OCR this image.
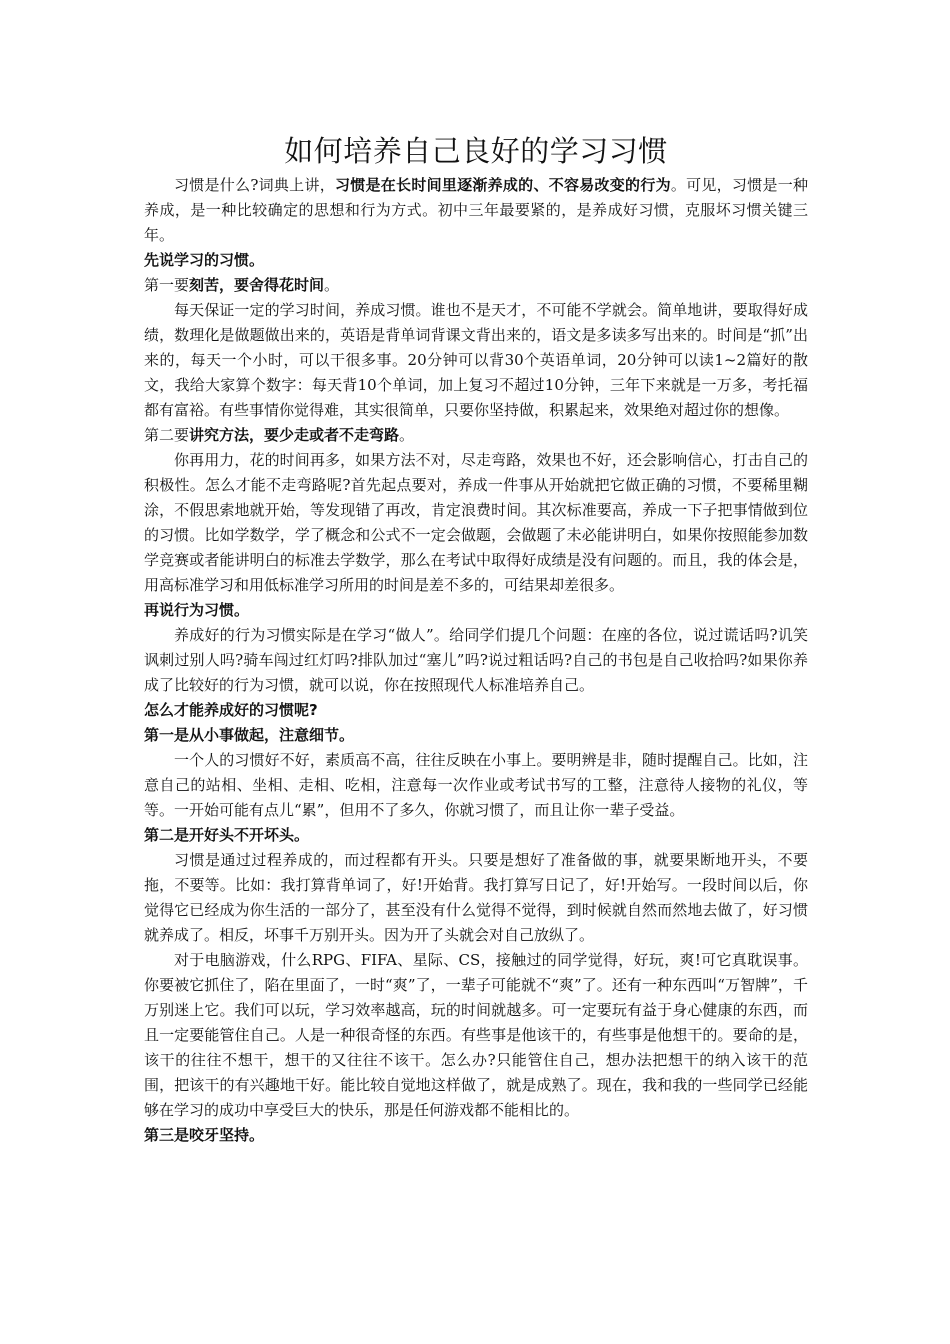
如何培养自己良好的学习习惯

习惯是什么?词典上讲，习惯是在长时间里逐渐养成的、不容易改变的行为。可见，习惯是一种养成，是一种比较确定的思想和行为方式。初中三年最要紧的，是养成好习惯，克服坏习惯关键三年。

先说学习的习惯。

第一要刻苦，要舍得花时间。

每天保证一定的学习时间，养成习惯。谁也不是天才，不可能不学就会。简单地讲，要取得好成绩，数理化是做题做出来的，英语是背单词背课文背出来的，语文是多读多写出来的。时间是“抓”出来的，每天一个小时，可以干很多事。20分钟可以背30个英语单词，20分钟可以读1~2篇好的散文，我给大家算个数字：每天背10个单词，加上复习不超过10分钟，三年下来就是一万多，考托福都有富裕。有些事情你觉得难，其实很简单，只要你坚持做，积累起来，效果绝对超过你的想像。

第二要讲究方法，要少走或者不走弯路。

你再用力，花的时间再多，如果方法不对，尽走弯路，效果也不好，还会影响信心，打击自己的积极性。怎么才能不走弯路呢?首先起点要对，养成一件事从开始就把它做正确的习惯，不要稀里糊涂，不假思索地就开始，等发现错了再改，肯定浪费时间。其次标准要高，养成一下子把事情做到位的习惯。比如学数学，学了概念和公式不一定会做题，会做题了未必能讲明白，如果你按照能参加数学竞赛或者能讲明白的标准去学数学，那么在考试中取得好成绩是没有问题的。而且，我的体会是，用高标准学习和用低标准学习所用的时间是差不多的，可结果却差很多。

再说行为习惯。

养成好的行为习惯实际是在学习“做人”。给同学们提几个问题：在座的各位，说过谎话吗?讥笑讽刺过别人吗?骑车闯过红灯吗?排队加过“塞儿”吗?说过粗话吗?自己的书包是自己收拾吗?如果你养成了比较好的行为习惯，就可以说，你在按照现代人标准培养自己。

怎么才能养成好的习惯呢?

第一是从小事做起，注意细节。

一个人的习惯好不好，素质高不高，往往反映在小事上。要明辨是非，随时提醒自己。比如，注意自己的站相、坐相、走相、吃相，注意每一次作业或考试书写的工整，注意待人接物的礼仪，等等。一开始可能有点儿“累”，但用不了多久，你就习惯了，而且让你一辈子受益。

第二是开好头不开坏头。

习惯是通过过程养成的，而过程都有开头。只要是想好了准备做的事，就要果断地开头，不要拖，不要等。比如：我打算背单词了，好!开始背。我打算写日记了，好!开始写。一段时间以后，你觉得它已经成为你生活的一部分了，甚至没有什么觉得不觉得，到时候就自然而然地去做了，好习惯就养成了。相反，坏事千万别开头。因为开了头就会对自己放纵了。

对于电脑游戏，什么RPG、FIFA、星际、CS，接触过的同学觉得，好玩，爽!可它真耽误事。你要被它抓住了，陷在里面了，一时“爽”了，一辈子可能就不“爽”了。还有一种东西叫“万智牌”，千万别迷上它。我们可以玩，学习效率越高，玩的时间就越多。可一定要玩有益于身心健康的东西，而且一定要能管住自己。人是一种很奇怪的东西。有些事是他该干的，有些事是他想干的。要命的是，该干的往往不想干，想干的又往往不该干。怎么办?只能管住自己，想办法把想干的纳入该干的范围，把该干的有兴趣地干好。能比较自觉地这样做了，就是成熟了。现在，我和我的一些同学已经能够在学习的成功中享受巨大的快乐，那是任何游戏都不能相比的。

第三是咬牙坚持。
